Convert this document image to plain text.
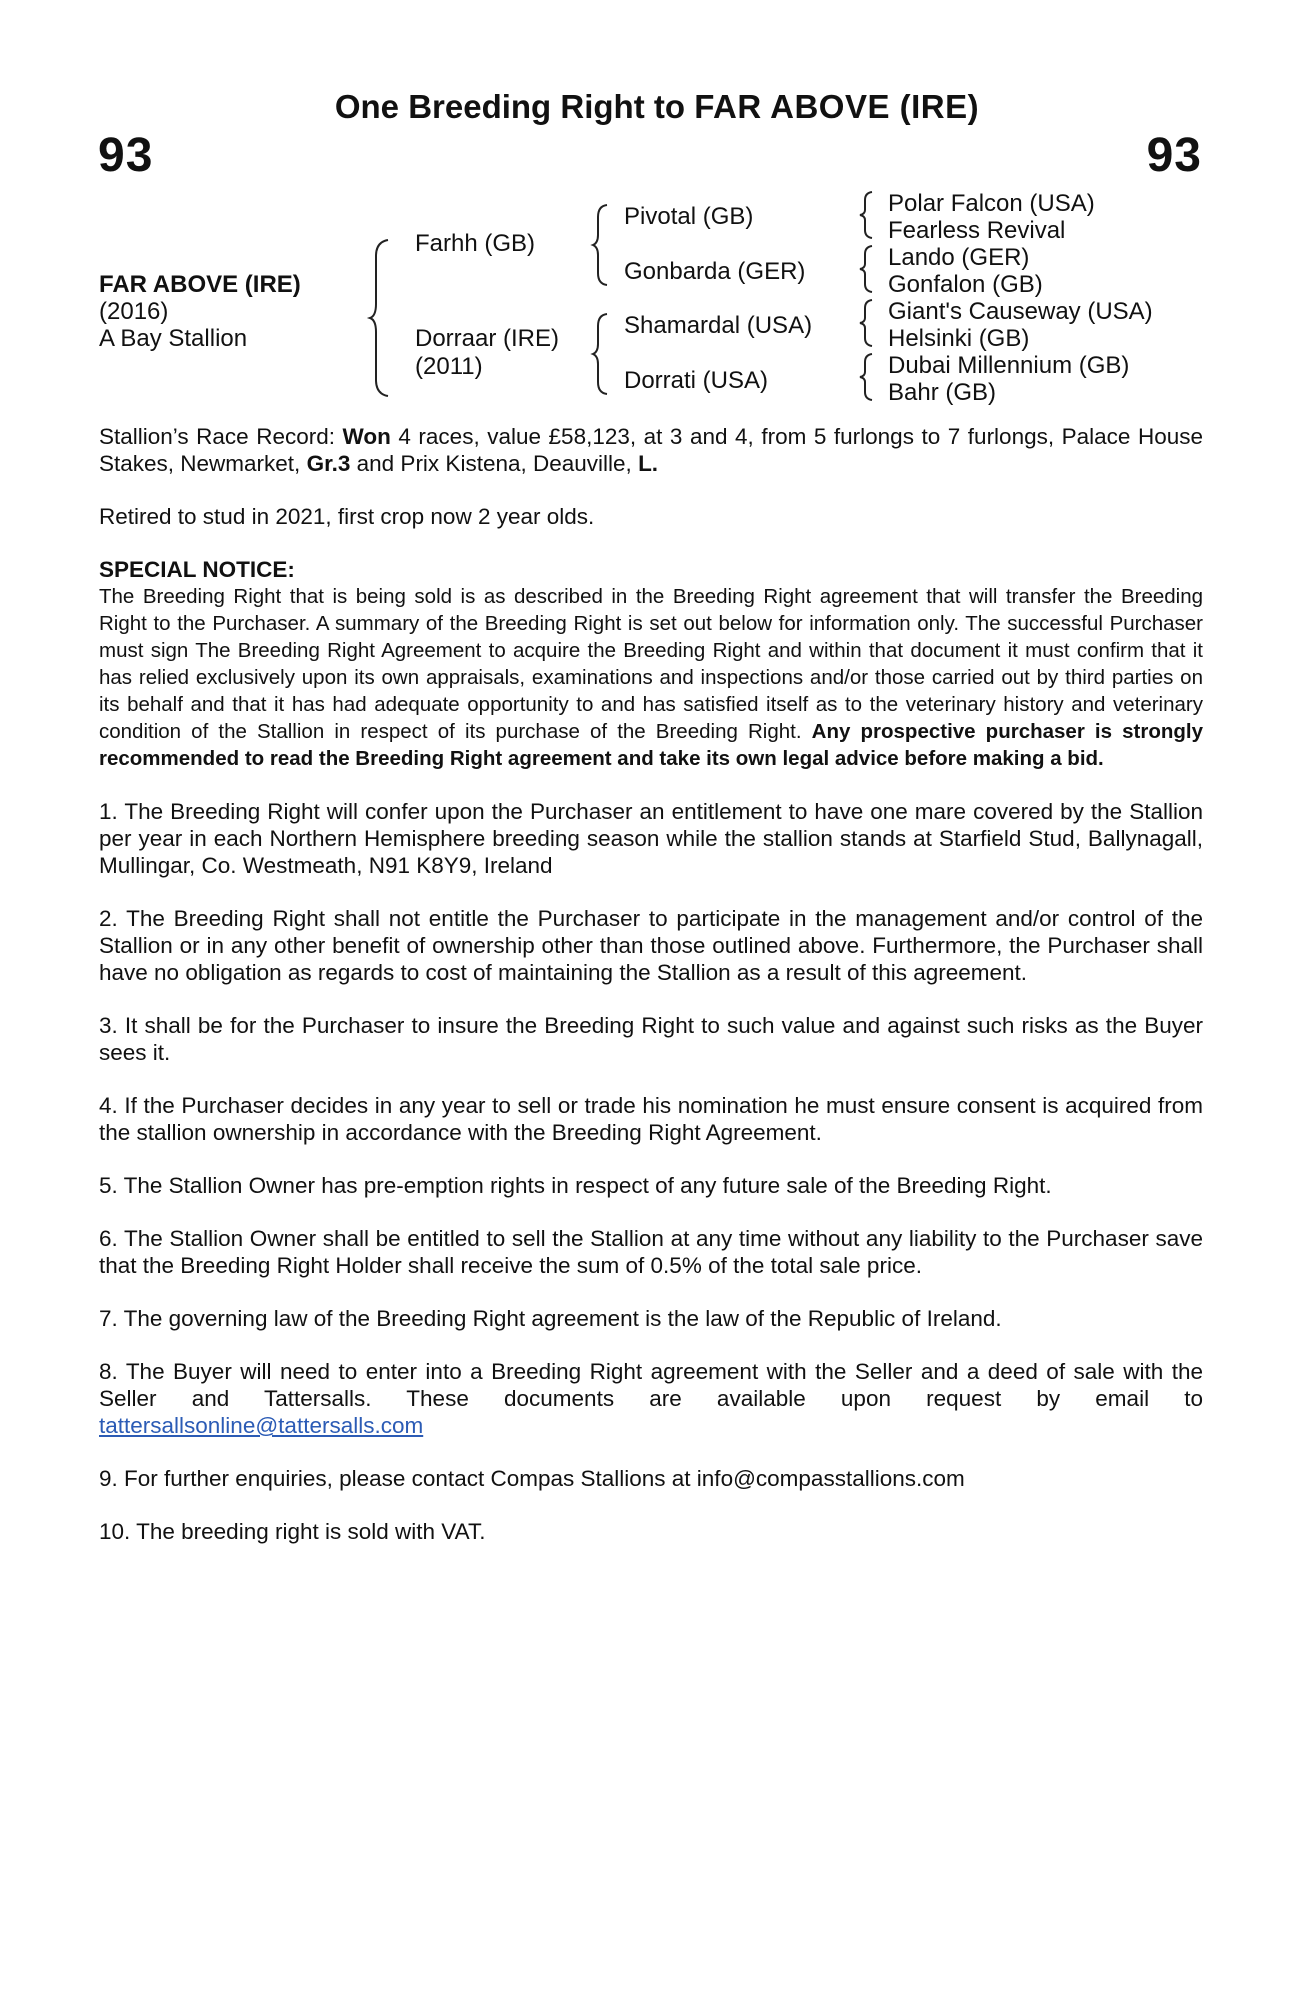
93	93
One Breeding Right to FAR ABOVE (IRE)
FAR ABOVE (IRE)
(2016)
A Bay Stallion
Farhh (GB)
Dorraar (IRE)
(2011)
Pivotal (GB)
Gonbarda (GER)
Shamardal (USA)
Dorrati (USA)
Polar Falcon (USA)
Fearless Revival
Lando (GER)
Gonfalon (GB)
Giant's Causeway (USA)
Helsinki (GB)
Dubai Millennium (GB)
Bahr (GB)

Stallion’s Race Record: Won 4 races, value £58,123, at 3 and 4, from 5 furlongs to 7 furlongs, Palace House Stakes, Newmarket, Gr.3 and Prix Kistena, Deauville, L.

Retired to stud in 2021, first crop now 2 year olds.

SPECIAL NOTICE:
The Breeding Right that is being sold is as described in the Breeding Right agreement that will transfer the Breeding Right to the Purchaser. A summary of the Breeding Right is set out below for information only. The successful Purchaser must sign The Breeding Right Agreement to acquire the Breeding Right and within that document it must confirm that it has relied exclusively upon its own appraisals, examinations and inspections and/or those carried out by third parties on its behalf and that it has had adequate opportunity to and has satisfied itself as to the veterinary history and veterinary condition of the Stallion in respect of its purchase of the Breeding Right. Any prospective purchaser is strongly recommended to read the Breeding Right agreement and take its own legal advice before making a bid.

1. The Breeding Right will confer upon the Purchaser an entitlement to have one mare covered by the Stallion per year in each Northern Hemisphere breeding season while the stallion stands at Starfield Stud, Ballynagall, Mullingar, Co. Westmeath, N91 K8Y9, Ireland

2. The Breeding Right shall not entitle the Purchaser to participate in the management and/or control of the Stallion or in any other benefit of ownership other than those outlined above. Furthermore, the Purchaser shall have no obligation as regards to cost of maintaining the Stallion as a result of this agreement.

3. It shall be for the Purchaser to insure the Breeding Right to such value and against such risks as the Buyer sees it.

4. If the Purchaser decides in any year to sell or trade his nomination he must ensure consent is acquired from the stallion ownership in accordance with the Breeding Right Agreement.

5. The Stallion Owner has pre-emption rights in respect of any future sale of the Breeding Right.

6. The Stallion Owner shall be entitled to sell the Stallion at any time without any liability to the Purchaser save that the Breeding Right Holder shall receive the sum of 0.5% of the total sale price.

7. The governing law of the Breeding Right agreement is the law of the Republic of Ireland.

8. The Buyer will need to enter into a Breeding Right agreement with the Seller and a deed of sale with the Seller and Tattersalls. These documents are available upon request by email to tattersallsonline@tattersalls.com

9. For further enquiries, please contact Compas Stallions at info@compasstallions.com

10. The breeding right is sold with VAT.
